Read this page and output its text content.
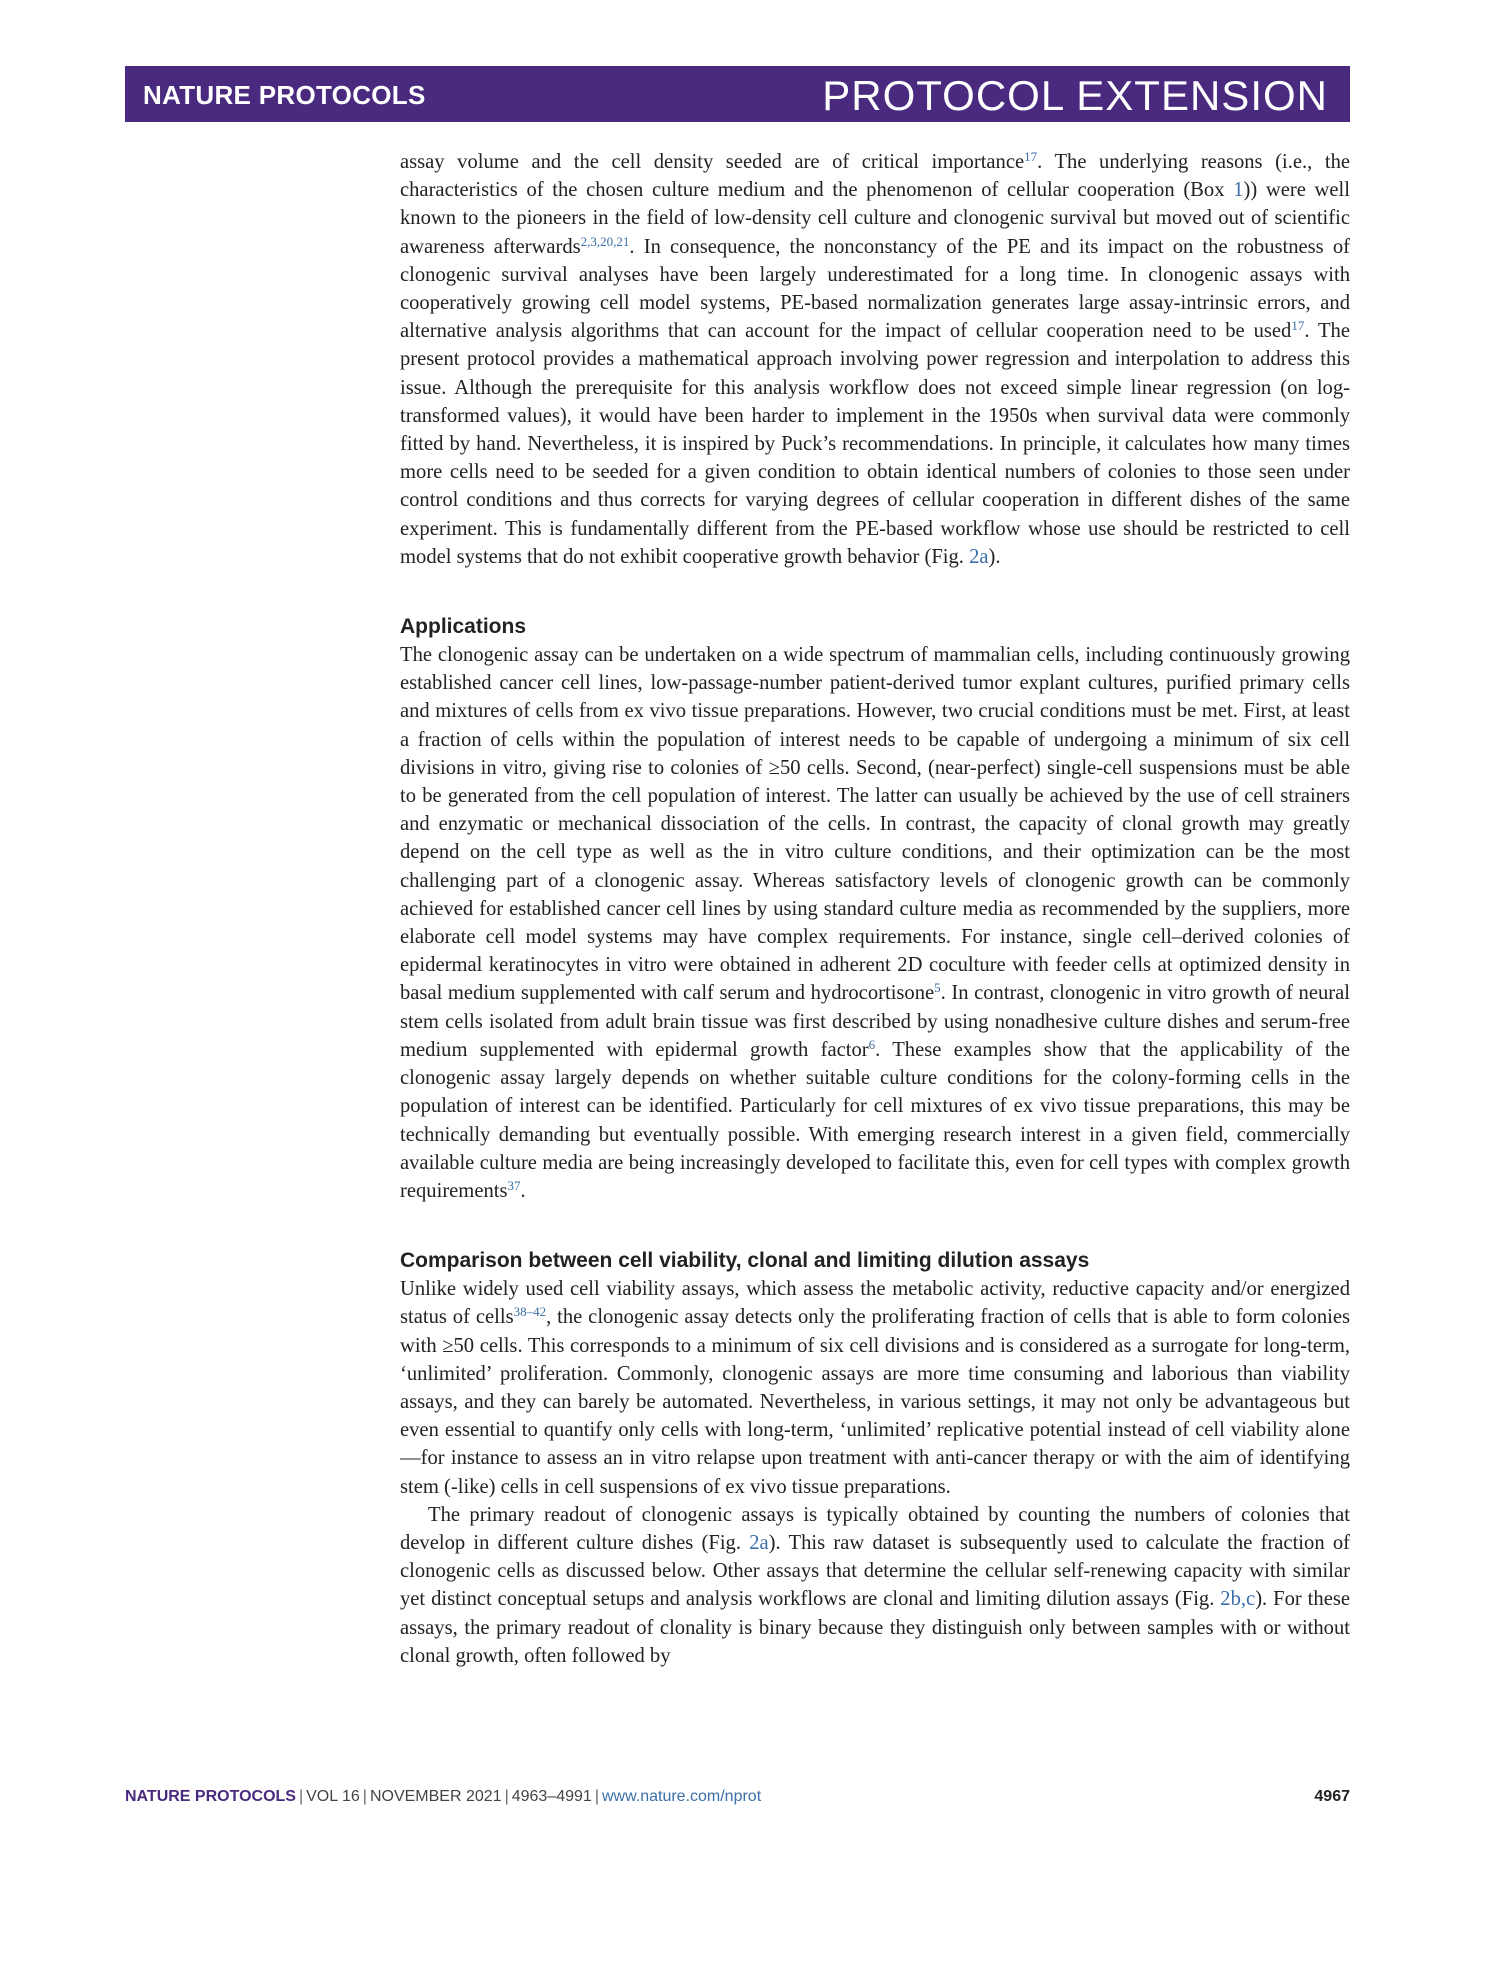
NATURE PROTOCOLS	PROTOCOL EXTENSION

assay volume and the cell density seeded are of critical importance$^{17}$. The underlying reasons (i.e., the characteristics of the chosen culture medium and the phenomenon of cellular cooperation (Box 1)) were well known to the pioneers in the field of low-density cell culture and clonogenic survival but moved out of scientific awareness afterwards$^{2,3,20,21}$. In consequence, the nonconstancy of the PE and its impact on the robustness of clonogenic survival analyses have been largely underestimated for a long time. In clonogenic assays with cooperatively growing cell model systems, PE-based normalization generates large assay-intrinsic errors, and alternative analysis algorithms that can account for the impact of cellular cooperation need to be used$^{17}$. The present protocol provides a mathematical approach involving power regression and interpolation to address this issue. Although the prerequisite for this analysis workflow does not exceed simple linear regression (on log-transformed values), it would have been harder to implement in the 1950s when survival data were commonly fitted by hand. Nevertheless, it is inspired by Puck’s recommendations. In principle, it calculates how many times more cells need to be seeded for a given condition to obtain identical numbers of colonies to those seen under control conditions and thus corrects for varying degrees of cellular cooperation in different dishes of the same experiment. This is fundamentally different from the PE-based workflow whose use should be restricted to cell model systems that do not exhibit cooperative growth behavior (Fig. 2a).

Applications

The clonogenic assay can be undertaken on a wide spectrum of mammalian cells, including continuously growing established cancer cell lines, low-passage-number patient-derived tumor explant cultures, purified primary cells and mixtures of cells from ex vivo tissue preparations. However, two crucial conditions must be met. First, at least a fraction of cells within the population of interest needs to be capable of undergoing a minimum of six cell divisions in vitro, giving rise to colonies of ≥50 cells. Second, (near-perfect) single-cell suspensions must be able to be generated from the cell population of interest. The latter can usually be achieved by the use of cell strainers and enzymatic or mechanical dissociation of the cells. In contrast, the capacity of clonal growth may greatly depend on the cell type as well as the in vitro culture conditions, and their optimization can be the most challenging part of a clonogenic assay. Whereas satisfactory levels of clonogenic growth can be commonly achieved for established cancer cell lines by using standard culture media as recommended by the suppliers, more elaborate cell model systems may have complex requirements. For instance, single cell–derived colonies of epidermal keratinocytes in vitro were obtained in adherent 2D coculture with feeder cells at optimized density in basal medium supplemented with calf serum and hydrocortisone$^5$. In contrast, clonogenic in vitro growth of neural stem cells isolated from adult brain tissue was first described by using nonadhesive culture dishes and serum-free medium supplemented with epidermal growth factor$^6$. These examples show that the applicability of the clonogenic assay largely depends on whether suitable culture conditions for the colony-forming cells in the population of interest can be identified. Particularly for cell mixtures of ex vivo tissue preparations, this may be technically demanding but eventually possible. With emerging research interest in a given field, commercially available culture media are being increasingly developed to facilitate this, even for cell types with complex growth requirements$^{37}$.

Comparison between cell viability, clonal and limiting dilution assays

Unlike widely used cell viability assays, which assess the metabolic activity, reductive capacity and/or energized status of cells$^{38-42}$, the clonogenic assay detects only the proliferating fraction of cells that is able to form colonies with ≥50 cells. This corresponds to a minimum of six cell divisions and is considered as a surrogate for long-term, ‘unlimited’ proliferation. Commonly, clonogenic assays are more time consuming and laborious than viability assays, and they can barely be automated. Nevertheless, in various settings, it may not only be advantageous but even essential to quantify only cells with long-term, ‘unlimited’ replicative potential instead of cell viability alone—for instance to assess an in vitro relapse upon treatment with anti-cancer therapy or with the aim of identifying stem (-like) cells in cell suspensions of ex vivo tissue preparations.

The primary readout of clonogenic assays is typically obtained by counting the numbers of colonies that develop in different culture dishes (Fig. 2a). This raw dataset is subsequently used to calculate the fraction of clonogenic cells as discussed below. Other assays that determine the cellular self-renewing capacity with similar yet distinct conceptual setups and analysis workflows are clonal and limiting dilution assays (Fig. 2b,c). For these assays, the primary readout of clonality is binary because they distinguish only between samples with or without clonal growth, often followed by

NATURE PROTOCOLS | VOL 16 | NOVEMBER 2021 | 4963–4991 | www.nature.com/nprot	4967
